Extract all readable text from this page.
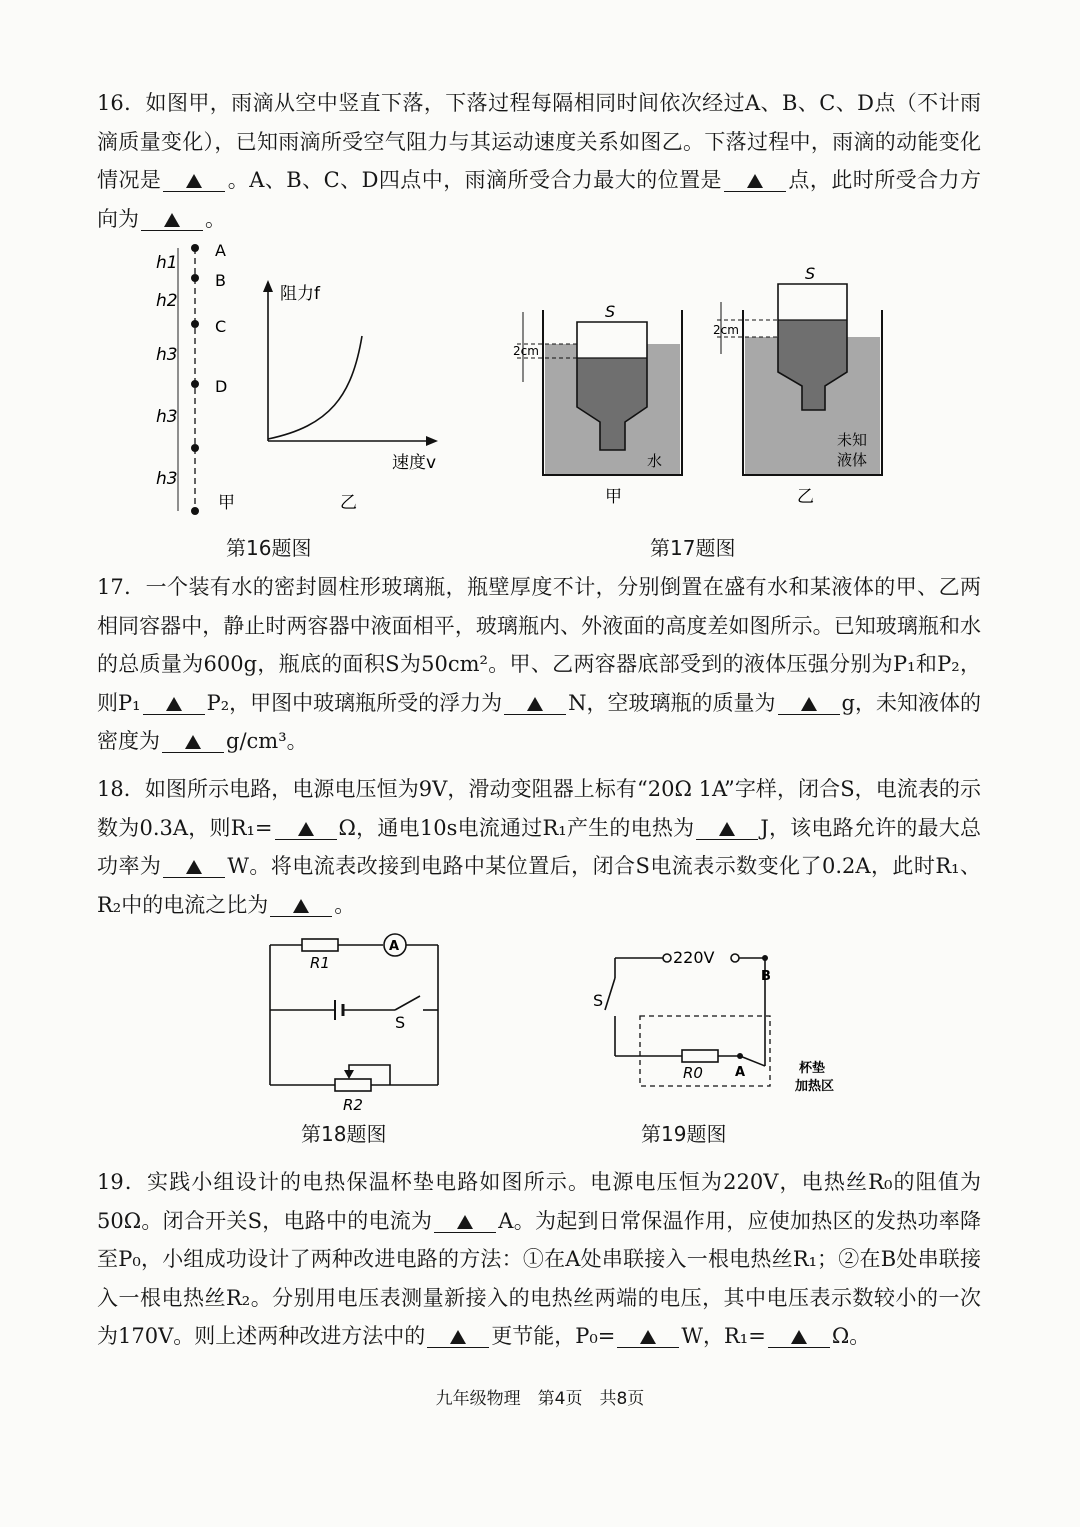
16．如图甲，雨滴从空中竖直下落，下落过程每隔相同时间依次经过A、B、C、D点（不计雨滴质量变化），已知雨滴所受空气阻力与其运动速度关系如图乙。下落过程中，雨滴的动能变化情况是	。A、B、C、D四点中，雨滴所受合力最大的位置是	点，此时所受合力方向为	。

A
B
C
D
h1
h2
h3
h3
h3
甲
阻力f
速度v
乙
第16题图
S
2cm
水
甲
S
2cm
未知
液体
乙
第17题图

17．一个装有水的密封圆柱形玻璃瓶，瓶壁厚度不计，分别倒置在盛有水和某液体的甲、乙两相同容器中，静止时两容器中液面相平，玻璃瓶内、外液面的高度差如图所示。已知玻璃瓶和水的总质量为600g，瓶底的面积S为50cm²。甲、乙两容器底部受到的液体压强分别为P₁和P₂，则P₁	P₂，甲图中玻璃瓶所受的浮力为	N，空玻璃瓶的质量为	g，未知液体的密度为	g/cm³。

18．如图所示电路，电源电压恒为9V，滑动变阻器上标有“20Ω 1A”字样，闭合S，电流表的示数为0.3A，则R₁=	Ω，通电10s电流通过R₁产生的电热为	J，该电路允许的最大总功率为	W。将电流表改接到电路中某位置后，闭合S电流表示数变化了0.2A，此时R₁、R₂中的电流之比为	。

A
R1
S
R2
第18题图
220V
B
S
R0 A	杯垫
加热区
第19题图

19．实践小组设计的电热保温杯垫电路如图所示。电源电压恒为220V，电热丝R₀的阻值为50Ω。闭合开关S，电路中的电流为	A。为起到日常保温作用，应使加热区的发热功率降至P₀，小组成功设计了两种改进电路的方法：①在A处串联接入一根电热丝R₁；②在B处串联接入一根电热丝R₂。分别用电压表测量新接入的电热丝两端的电压，其中电压表示数较小的一次为170V。则上述两种改进方法中的	更节能，P₀=	W，R₁=	Ω。

九年级物理　第4页　共8页
